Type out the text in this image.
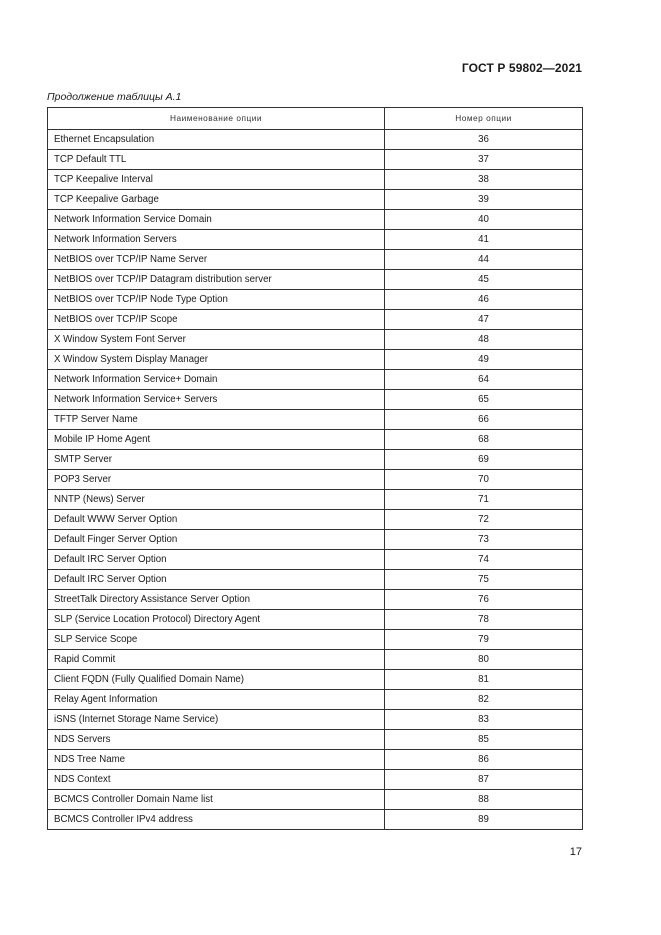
ГОСТ Р 59802—2021
Продолжение таблицы А.1
Наименование опции	Номер опции
Ethernet Encapsulation	36
TCP Default TTL	37
TCP Keepalive Interval	38
TCP Keepalive Garbage	39
Network Information Service Domain	40
Network Information Servers	41
NetBIOS over TCP/IP Name Server	44
NetBIOS over TCP/IP Datagram distribution server	45
NetBIOS over TCP/IP Node Type Option	46
NetBIOS over TCP/IP Scope	47
X Window System Font Server	48
X Window System Display Manager	49
Network Information Service+ Domain	64
Network Information Service+ Servers	65
TFTP Server Name	66
Mobile IP Home Agent	68
SMTP Server	69
POP3 Server	70
NNTP (News) Server	71
Default WWW Server Option	72
Default Finger Server Option	73
Default IRC Server Option	74
Default IRC Server Option	75
StreetTalk Directory Assistance Server Option	76
SLP (Service Location Protocol) Directory Agent	78
SLP Service Scope	79
Rapid Commit	80
Client FQDN (Fully Qualified Domain Name)	81
Relay Agent Information	82
iSNS (Internet Storage Name Service)	83
NDS Servers	85
NDS Tree Name	86
NDS Context	87
BCMCS Controller Domain Name list	88
BCMCS Controller IPv4 address	89
17
